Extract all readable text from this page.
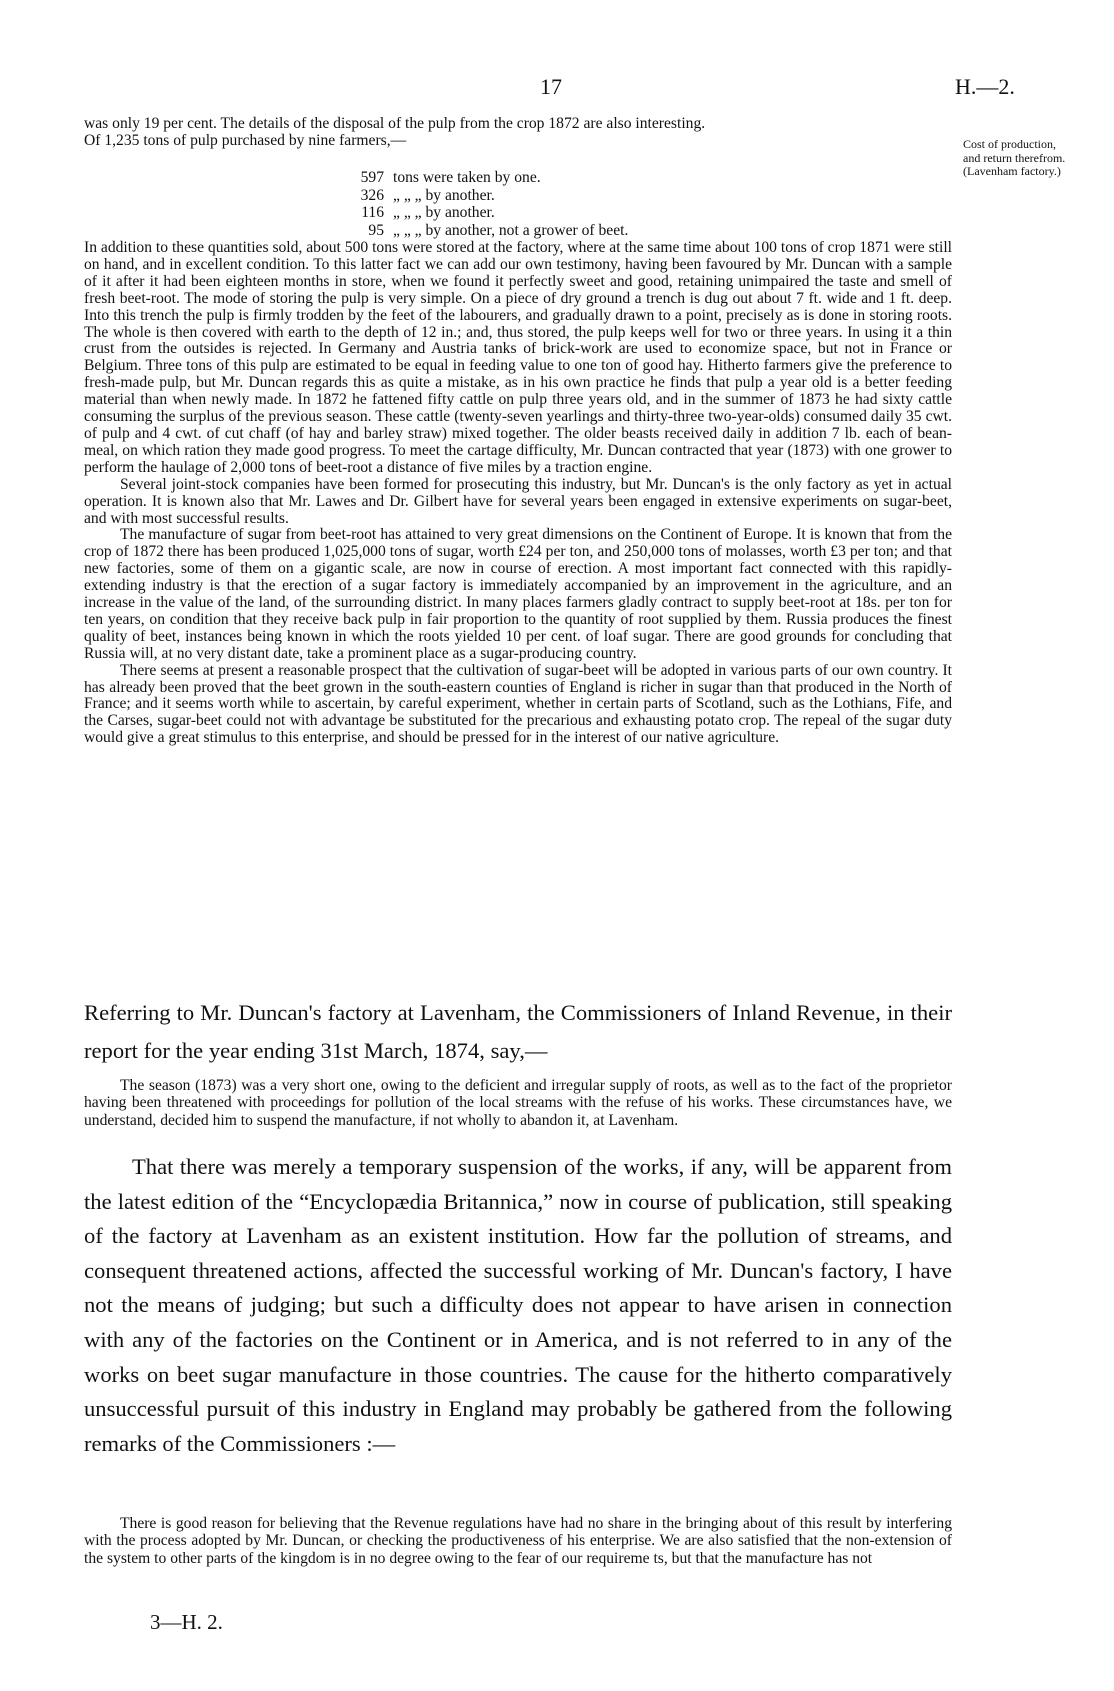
17	H.—2.

was only 19 per cent. The details of the disposal of the pulp from the crop 1872 are also interesting.

Of 1,235 tons of pulp purchased by nine farmers,—	Cost of production, and return therefrom. (Lavenham factory.)
597 tons were taken by one.
326 „ „ „ by another.
116 „ „ „ by another.
95 „ „ „ by another, not a grower of beet.

In addition to these quantities sold, about 500 tons were stored at the factory, where at the same time about 100 tons of crop 1871 were still on hand, and in excellent condition. To this latter fact we can add our own testimony, having been favoured by Mr. Duncan with a sample of it after it had been eighteen months in store, when we found it perfectly sweet and good, retaining unimpaired the taste and smell of fresh beet-root. The mode of storing the pulp is very simple. On a piece of dry ground a trench is dug out about 7 ft. wide and 1 ft. deep. Into this trench the pulp is firmly trodden by the feet of the labourers, and gradually drawn to a point, precisely as is done in storing roots. The whole is then covered with earth to the depth of 12 in.; and, thus stored, the pulp keeps well for two or three years. In using it a thin crust from the outsides is rejected. In Germany and Austria tanks of brick-work are used to economize space, but not in France or Belgium. Three tons of this pulp are estimated to be equal in feeding value to one ton of good hay. Hitherto farmers give the preference to fresh-made pulp, but Mr. Duncan regards this as quite a mistake, as in his own practice he finds that pulp a year old is a better feeding material than when newly made. In 1872 he fattened fifty cattle on pulp three years old, and in the summer of 1873 he had sixty cattle consuming the surplus of the previous season. These cattle (twenty-seven yearlings and thirty-three two-year-olds) consumed daily 35 cwt. of pulp and 4 cwt. of cut chaff (of hay and barley straw) mixed together. The older beasts received daily in addition 7 lb. each of bean-meal, on which ration they made good progress. To meet the cartage difficulty, Mr. Duncan contracted that year (1873) with one grower to perform the haulage of 2,000 tons of beet-root a distance of five miles by a traction engine.

Several joint-stock companies have been formed for prosecuting this industry, but Mr. Duncan's is the only factory as yet in actual operation. It is known also that Mr. Lawes and Dr. Gilbert have for several years been engaged in extensive experiments on sugar-beet, and with most successful results.

The manufacture of sugar from beet-root has attained to very great dimensions on the Continent of Europe. It is known that from the crop of 1872 there has been produced 1,025,000 tons of sugar, worth £24 per ton, and 250,000 tons of molasses, worth £3 per ton; and that new factories, some of them on a gigantic scale, are now in course of erection. A most important fact connected with this rapidly-extending industry is that the erection of a sugar factory is immediately accompanied by an improvement in the agriculture, and an increase in the value of the land, of the surrounding district. In many places farmers gladly contract to supply beet-root at 18s. per ton for ten years, on condition that they receive back pulp in fair proportion to the quantity of root supplied by them. Russia produces the finest quality of beet, instances being known in which the roots yielded 10 per cent. of loaf sugar. There are good grounds for concluding that Russia will, at no very distant date, take a prominent place as a sugar-producing country.

There seems at present a reasonable prospect that the cultivation of sugar-beet will be adopted in various parts of our own country. It has already been proved that the beet grown in the south-eastern counties of England is richer in sugar than that produced in the North of France; and it seems worth while to ascertain, by careful experiment, whether in certain parts of Scotland, such as the Lothians, Fife, and the Carses, sugar-beet could not with advantage be substituted for the precarious and exhausting potato crop. The repeal of the sugar duty would give a great stimulus to this enterprise, and should be pressed for in the interest of our native agriculture.

Referring to Mr. Duncan's factory at Lavenham, the Commissioners of Inland Revenue, in their report for the year ending 31st March, 1874, say,—

The season (1873) was a very short one, owing to the deficient and irregular supply of roots, as well as to the fact of the proprietor having been threatened with proceedings for pollution of the local streams with the refuse of his works. These circumstances have, we understand, decided him to suspend the manufacture, if not wholly to abandon it, at Lavenham.

That there was merely a temporary suspension of the works, if any, will be apparent from the latest edition of the “Encyclopædia Britannica,” now in course of publication, still speaking of the factory at Lavenham as an existent institution. How far the pollution of streams, and consequent threatened actions, affected the successful working of Mr. Duncan's factory, I have not the means of judging; but such a difficulty does not appear to have arisen in connection with any of the factories on the Continent or in America, and is not referred to in any of the works on beet sugar manufacture in those countries. The cause for the hitherto comparatively unsuccessful pursuit of this industry in England may probably be gathered from the following remarks of the Commissioners :—

There is good reason for believing that the Revenue regulations have had no share in the bringing about of this result by interfering with the process adopted by Mr. Duncan, or checking the productiveness of his enterprise. We are also satisfied that the non-extension of the system to other parts of the kingdom is in no degree owing to the fear of our requireme ts, but that the manufacture has not

3—H. 2.
